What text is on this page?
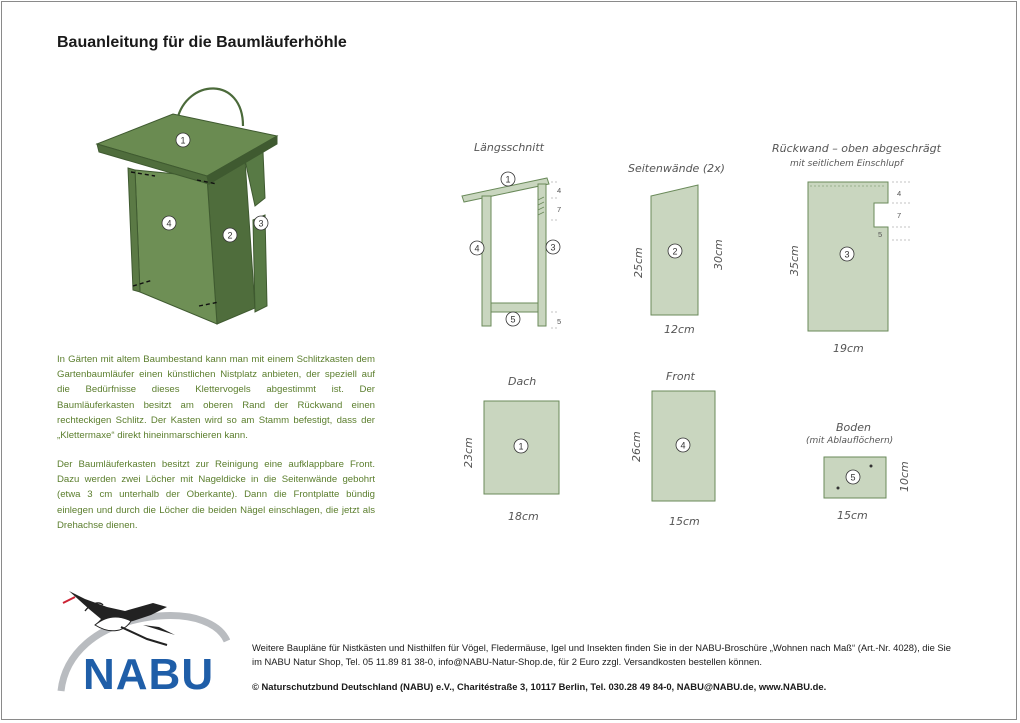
Bauanleitung für die Baumläuferhöhle
1
4
2
3

In Gärten mit altem Baumbestand kann man mit einem Schlitzkasten dem Gartenbaumläufer einen künstlichen Nistplatz anbieten, der speziell auf die Bedürfnisse dieses Klettervogels abgestimmt ist. Der Baumläuferkasten besitzt am oberen Rand der Rückwand einen rechteckigen Schlitz. Der Kasten wird so am Stamm befestigt, dass der „Klettermaxe“ direkt hineinmarschieren kann.

Der Baumläuferkasten besitzt zur Reinigung eine aufklappbare Front. Dazu werden zwei Löcher mit Nageldicke in die Seitenwände gebohrt (etwa 3 cm unterhalb der Oberkante). Dann die Frontplatte bündig einlegen und durch die Löcher die beiden Nägel einschlagen, die jetzt als Drehachse dienen.

Längsschnitt
4
7
5
1
4	3
5
Seitenwände (2x)
2
25cm	30cm
12cm
Rückwand – oben abgeschrägt
mit seitlichem Einschlupf
4
7
5
3
35cm
19cm
Dach
1
23cm
18cm
Front
4
26cm
15cm
Boden
(mit Ablauflöchern)
5	10cm
15cm
NABU

Weitere Baupläne für Nistkästen und Nisthilfen für Vögel, Fledermäuse, Igel und Insekten finden Sie in der NABU-Broschüre „Wohnen nach Maß“ (Art.-Nr. 4028), die Sie im NABU Natur Shop, Tel. 05 11.89 81 38-0, info@NABU-Natur-Shop.de, für 2 Euro zzgl. Versandkosten bestellen können.

© Naturschutzbund Deutschland (NABU) e.V., Charitéstraße 3, 10117 Berlin, Tel. 030.28 49 84-0, NABU@NABU.de, www.NABU.de.
